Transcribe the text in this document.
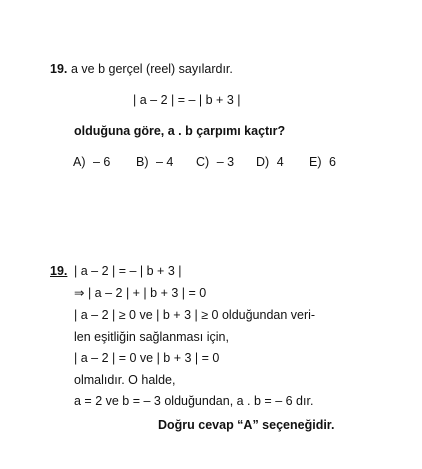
19. a ve b gerçel (reel) sayılardır.
| a – 2 | = – | b + 3 |
olduğuna göre, a . b çarpımı kaçtır?
A) – 6 B) – 4 C) – 3 D) 4 E) 6
19. | a – 2 | = – | b + 3 |
⇒ | a – 2 | + | b + 3 | = 0
| a – 2 | ≥ 0 ve | b + 3 | ≥ 0 olduğundan veri-
len eşitliğin sağlanması için,
| a – 2 | = 0 ve | b + 3 | = 0
olmalıdır. O halde,
a = 2 ve b = – 3 olduğundan, a . b = – 6 dır.
Doğru cevap “A” seçeneğidir.
